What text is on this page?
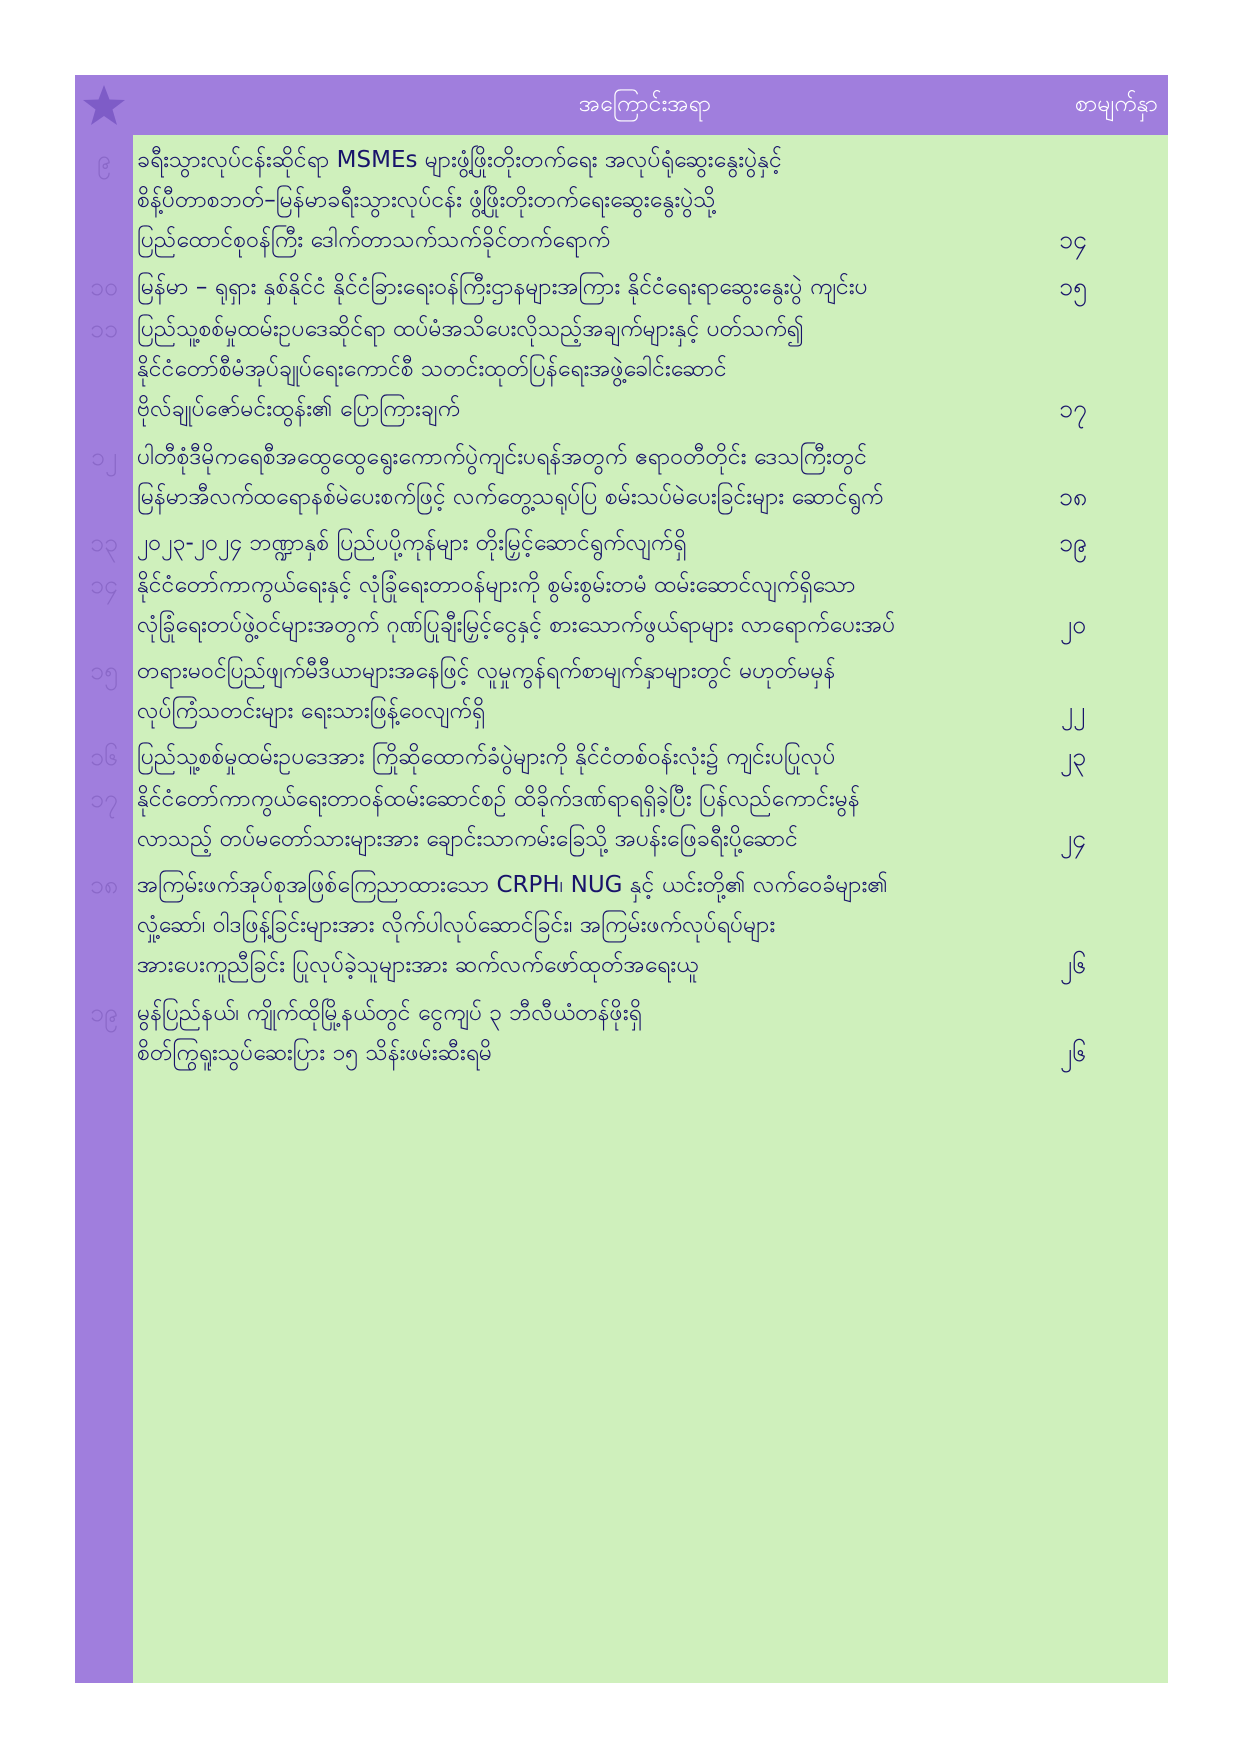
အကြောင်းအရာ	စာမျက်နှာ
၉	ခရီးသွားလုပ်ငန်းဆိုင်ရာ MSMEs များဖွံ့ဖြိုးတိုးတက်ရေး အလုပ်ရုံဆွေးနွေးပွဲနှင့်
စိန့်ပီတာစဘတ်–မြန်မာခရီးသွားလုပ်ငန်း ဖွံ့ဖြိုးတိုးတက်ရေးဆွေးနွေးပွဲသို့
ပြည်ထောင်စုဝန်ကြီး ဒေါက်တာသက်သက်ခိုင်တက်ရောက်	၁၄
၁၀ မြန်မာ – ရုရှား နှစ်နိုင်ငံ နိုင်ငံခြားရေးဝန်ကြီးဌာနများအကြား နိုင်ငံရေးရာဆွေးနွေးပွဲ ကျင်းပ	၁၅
၁၁ ပြည်သူ့စစ်မှုထမ်းဥပဒေဆိုင်ရာ ထပ်မံအသိပေးလိုသည့်အချက်များနှင့် ပတ်သက်၍
နိုင်ငံတော်စီမံအုပ်ချုပ်ရေးကောင်စီ သတင်းထုတ်ပြန်ရေးအဖွဲ့ခေါင်းဆောင်
ဗိုလ်ချုပ်ဇော်မင်းထွန်း၏ ပြောကြားချက်	၁၇
၁၂ ပါတီစုံဒီမိုကရေစီအထွေထွေရွေးကောက်ပွဲကျင်းပရန်အတွက် ဧရာဝတီတိုင်း ဒေသကြီးတွင်
မြန်မာအီလက်ထရောနစ်မဲပေးစက်ဖြင့် လက်တွေ့သရုပ်ပြ စမ်းသပ်မဲပေးခြင်းများ ဆောင်ရွက်	၁၈
၁၃ ၂၀၂၃-၂၀၂၄ ဘဏ္ဍာနှစ် ပြည်ပပို့ကုန်များ တိုးမြှင့်ဆောင်ရွက်လျက်ရှိ	၁၉
၁၄ နိုင်ငံတော်ကာကွယ်ရေးနှင့် လုံခြုံရေးတာဝန်များကို စွမ်းစွမ်းတမံ ထမ်းဆောင်လျက်ရှိသော
လုံခြုံရေးတပ်ဖွဲ့ဝင်များအတွက် ဂုဏ်ပြုချီးမြှင့်ငွေနှင့် စားသောက်ဖွယ်ရာများ လာရောက်ပေးအပ်	၂၀
၁၅ တရားမဝင်ပြည်ဖျက်မီဒီယာများအနေဖြင့် လူမှုကွန်ရက်စာမျက်နှာများတွင် မဟုတ်မမှန်
လုပ်ကြံသတင်းများ ရေးသားဖြန့်ဝေလျက်ရှိ	၂၂
၁၆ ပြည်သူ့စစ်မှုထမ်းဥပဒေအား ကြိုဆိုထောက်ခံပွဲများကို နိုင်ငံတစ်ဝန်းလုံး၌ ကျင်းပပြုလုပ်	၂၃
၁၇ နိုင်ငံတော်ကာကွယ်ရေးတာဝန်ထမ်းဆောင်စဉ် ထိခိုက်ဒဏ်ရာရရှိခဲ့ပြီး ပြန်လည်ကောင်းမွန်
လာသည့် တပ်မတော်သားများအား ချောင်းသာကမ်းခြေသို့ အပန်းဖြေခရီးပို့ဆောင်	၂၄
၁၈ အကြမ်းဖက်အုပ်စုအဖြစ်ကြေညာထားသော CRPH၊ NUG နှင့် ယင်းတို့၏ လက်ဝေခံများ၏
လှုံ့ဆော်၊ ဝါဒဖြန့်ခြင်းများအား လိုက်ပါလုပ်ဆောင်ခြင်း၊ အကြမ်းဖက်လုပ်ရပ်များ
အားပေးကူညီခြင်း ပြုလုပ်ခဲ့သူများအား ဆက်လက်ဖော်ထုတ်အရေးယူ	၂၆
၁၉ မွန်ပြည်နယ်၊ ကျိုက်ထိုမြို့နယ်တွင် ငွေကျပ် ၃ ဘီလီယံတန်ဖိုးရှိ
စိတ်ကြွရူးသွပ်ဆေးပြား ၁၅ သိန်းဖမ်းဆီးရမိ	၂၆
